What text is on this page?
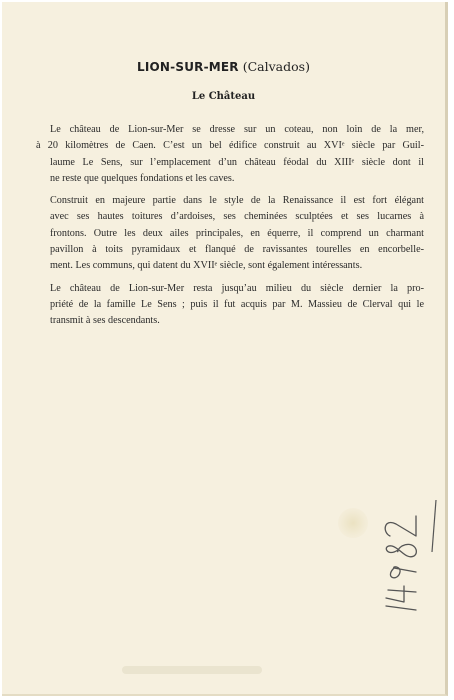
LION-SUR-MER (Calvados)
Le Château

Le château de Lion-sur-Mer se dresse sur un coteau, non loin de la mer,
à 20 kilomètres de Caen. C’est un bel édifice construit au XVIᵉ siècle par Guil-
laume Le Sens, sur l’emplacement d’un château féodal du XIIIᵉ siècle dont il
ne reste que quelques fondations et les caves.

Construit en majeure partie dans le style de la Renaissance il est fort élégant
avec ses hautes toitures d’ardoises, ses cheminées sculptées et ses lucarnes à
frontons. Outre les deux ailes principales, en équerre, il comprend un charmant
pavillon à toits pyramidaux et flanqué de ravissantes tourelles en encorbelle-
ment. Les communs, qui datent du XVIIᵉ siècle, sont également intéressants.

Le château de Lion-sur-Mer resta jusqu’au milieu du siècle dernier la pro-
priété de la famille Le Sens ; puis il fut acquis par M. Massieu de Clerval qui le
transmit à ses descendants.
